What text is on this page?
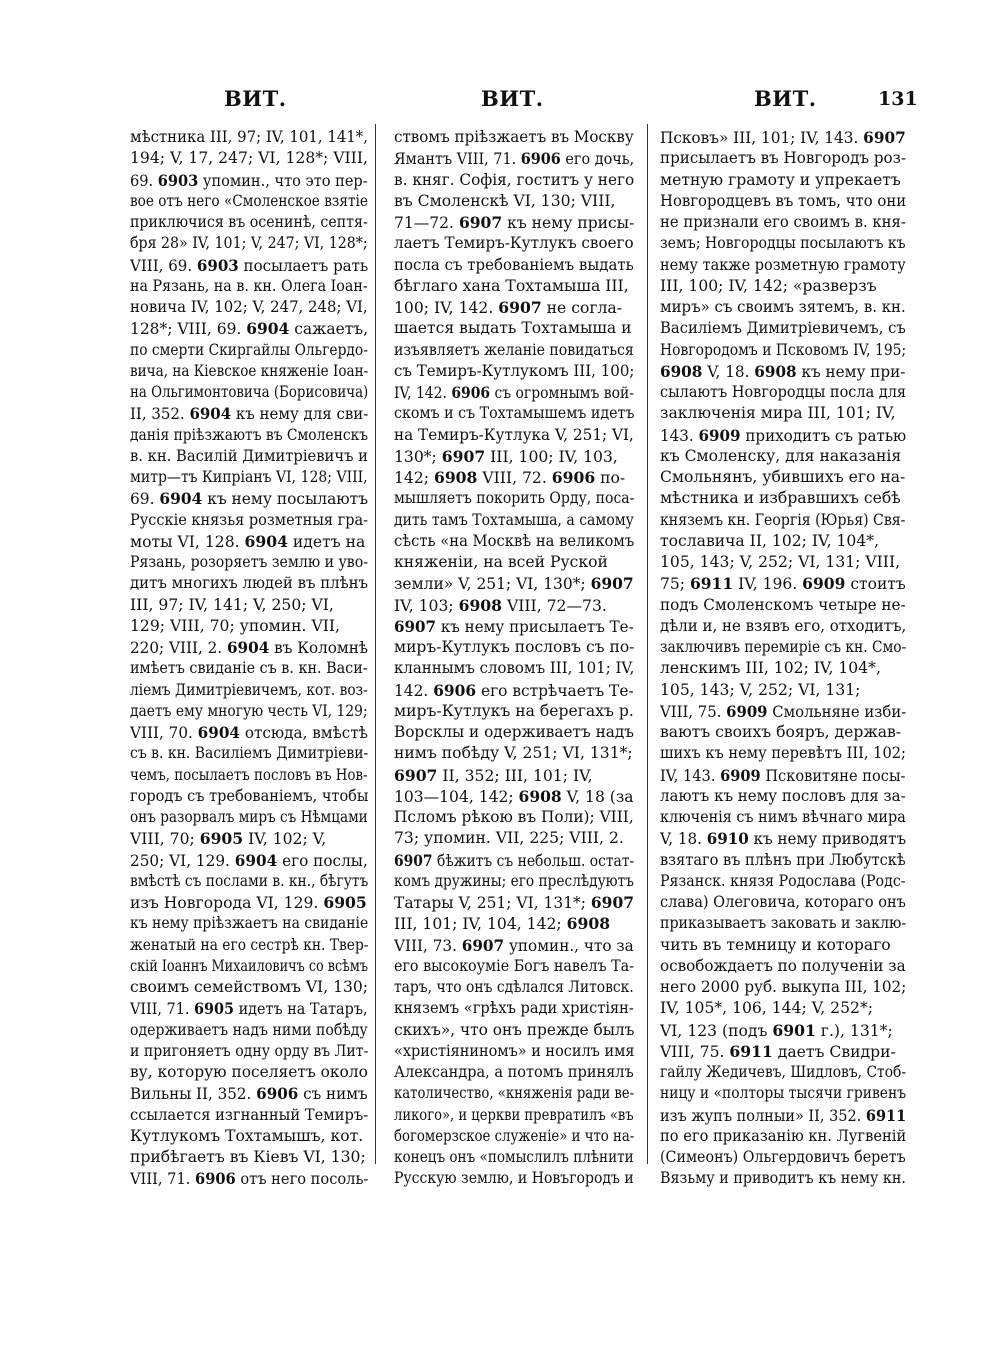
ВИТ.	ВИТ.	ВИТ.	131
мѣстника III, 97; IV, 101, 141*,
194; V, 17, 247; VI, 128*; VIII,
69. 6903 упомин., что это пер-
вое отъ него «Смоленское взятіе
приключися въ осенинѣ, септя-
бря 28» IV, 101; V, 247; VI, 128*;
VIII, 69. 6903 посылаетъ рать
на Рязань, на в. кн. Олега Іоан-
новича IV, 102; V, 247, 248; VI,
128*; VIII, 69. 6904 сажаетъ,
по смерти Скиргайлы Ольгердо-
вича, на Кіевское княженіе Іоан-
на Ольгимонтовича (Борисовича)
II, 352. 6904 къ нему для сви-
данія пріѣзжаютъ въ Смоленскъ
в. кн. Василій Димитріевичъ и
митр—тъ Кипріанъ VI, 128; VIII,
69. 6904 къ нему посылаютъ
Русскіе князья розметныя гра-
моты VI, 128. 6904 идетъ на
Рязань, розоряетъ землю и уво-
дитъ многихъ людей въ плѣнъ
III, 97; IV, 141; V, 250; VI,
129; VIII, 70; упомин. VII,
220; VIII, 2. 6904 въ Коломнѣ
имѣетъ свиданіе съ в. кн. Васи-
ліемъ Димитріевичемъ, кот. воз-
даетъ ему многую честь VI, 129;
VIII, 70. 6904 отсюда, вмѣстѣ
съ в. кн. Василіемъ Димитріеви-
чемъ, посылаетъ пословъ въ Нов-
городъ съ требованіемъ, чтобы
онъ разорвалъ миръ съ Нѣмцами
VIII, 70; 6905 IV, 102; V,
250; VI, 129. 6904 его послы,
вмѣстѣ съ послами в. кн., бѣгутъ
изъ Новгорода VI, 129. 6905
къ нему пріѣзжаетъ на свиданіе
женатый на его сестрѣ кн. Твер-
скій Іоаннъ Михаиловичъ со всѣмъ
своимъ семействомъ VI, 130;
VIII, 71. 6905 идетъ на Татаръ,
одерживаетъ надъ ними побѣду
и пригоняетъ одну орду въ Лит-
ву, которую поселяетъ около
Вильны II, 352. 6906 съ нимъ
ссылается изгнанный Темиръ-
Кутлукомъ Тохтамышъ, кот.
прибѣгаетъ въ Кіевъ VI, 130;
VIII, 71. 6906 отъ него посоль-
ствомъ пріѣзжаетъ въ Москву
Ямантъ VIII, 71. 6906 его дочь,
в. княг. Софія, гоститъ у него
въ Смоленскѣ VI, 130; VIII,
71—72. 6907 къ нему присы-
лаетъ Темиръ-Кутлукъ своего
посла съ требованіемъ выдать
бѣглаго хана Тохтамыша III,
100; IV, 142. 6907 не согла-
шается выдать Тохтамыша и
изъявляетъ желаніе повидаться
съ Темиръ-Кутлукомъ III, 100;
IV, 142. 6906 съ огромнымъ вой-
скомъ и съ Тохтамышемъ идетъ
на Темиръ-Кутлука V, 251; VI,
130*; 6907 III, 100; IV, 103,
142; 6908 VIII, 72. 6906 по-
мышляетъ покорить Орду, поса-
дить тамъ Тохтамыша, а самому
сѣсть «на Москвѣ на великомъ
княженіи, на всей Руской
земли» V, 251; VI, 130*; 6907
IV, 103; 6908 VIII, 72—73.
6907 къ нему присылаетъ Те-
миръ-Кутлукъ пословъ съ по-
кланнымъ словомъ III, 101; IV,
142. 6906 его встрѣчаетъ Те-
миръ-Кутлукъ на берегахъ р.
Ворсклы и одерживаетъ надъ
нимъ побѣду V, 251; VI, 131*;
6907 II, 352; III, 101; IV,
103—104, 142; 6908 V, 18 (за
Псломъ рѣкою въ Поли); VIII,
73; упомин. VII, 225; VIII, 2.
6907 бѣжитъ съ небольш. остат-
комъ дружины; его преслѣдуютъ
Татары V, 251; VI, 131*; 6907
III, 101; IV, 104, 142; 6908
VIII, 73. 6907 упомин., что за
его высокоуміе Богъ навелъ Та-
таръ, что онъ сдѣлался Литовск.
княземъ «грѣхъ ради христіян-
скихъ», что онъ прежде былъ
«христіяниномъ» и носилъ имя
Александра, а потомъ принялъ
католичество, «княженія ради ве-
ликого», и церкви превратилъ «въ
богомерзское служеніе» и что на-
конецъ онъ «помыслилъ плѣнити
Русскую землю, и Новъгородъ и
Псковъ» III, 101; IV, 143. 6907
присылаетъ въ Новгородъ роз-
метную грамоту и упрекаетъ
Новгородцевъ въ томъ, что они
не признали его своимъ в. кня-
земъ; Новгородцы посылаютъ къ
нему также розметную грамоту
III, 100; IV, 142; «разверзъ
миръ» съ своимъ зятемъ, в. кн.
Василіемъ Димитріевичемъ, съ
Новгородомъ и Псковомъ IV, 195;
6908 V, 18. 6908 къ нему при-
сылаютъ Новгородцы посла для
заключенія мира III, 101; IV,
143. 6909 приходитъ съ ратью
къ Смоленску, для наказанія
Смольнянъ, убившихъ его на-
мѣстника и избравшихъ себѣ
княземъ кн. Георгія (Юрья) Свя-
тославича II, 102; IV, 104*,
105, 143; V, 252; VI, 131; VIII,
75; 6911 IV, 196. 6909 стоитъ
подъ Смоленскомъ четыре не-
дѣли и, не взявъ его, отходитъ,
заключивъ перемиріе съ кн. Смо-
ленскимъ III, 102; IV, 104*,
105, 143; V, 252; VI, 131;
VIII, 75. 6909 Смольняне изби-
ваютъ своихъ бояръ, держав-
шихъ къ нему перевѣтъ III, 102;
IV, 143. 6909 Псковитяне посы-
лаютъ къ нему пословъ для за-
ключенія съ нимъ вѣчнаго мира
V, 18. 6910 къ нему приводятъ
взятаго въ плѣнъ при Любутскѣ
Рязанск. князя Родослава (Родс-
слава) Олеговича, котораго онъ
приказываетъ заковать и заклю-
чить въ темницу и котораго
освобождаетъ по полученіи за
него 2000 руб. выкупа III, 102;
IV, 105*, 106, 144; V, 252*;
VI, 123 (подъ 6901 г.), 131*;
VIII, 75. 6911 даетъ Свидри-
гайлу Жедичевъ, Шидловъ, Стоб-
ницу и «полторы тысячи гривенъ
изъ жупъ полныи» II, 352. 6911
по его приказанію кн. Лугвеній
(Симеонъ) Ольгердовичъ беретъ
Вязьму и приводитъ къ нему кн.
